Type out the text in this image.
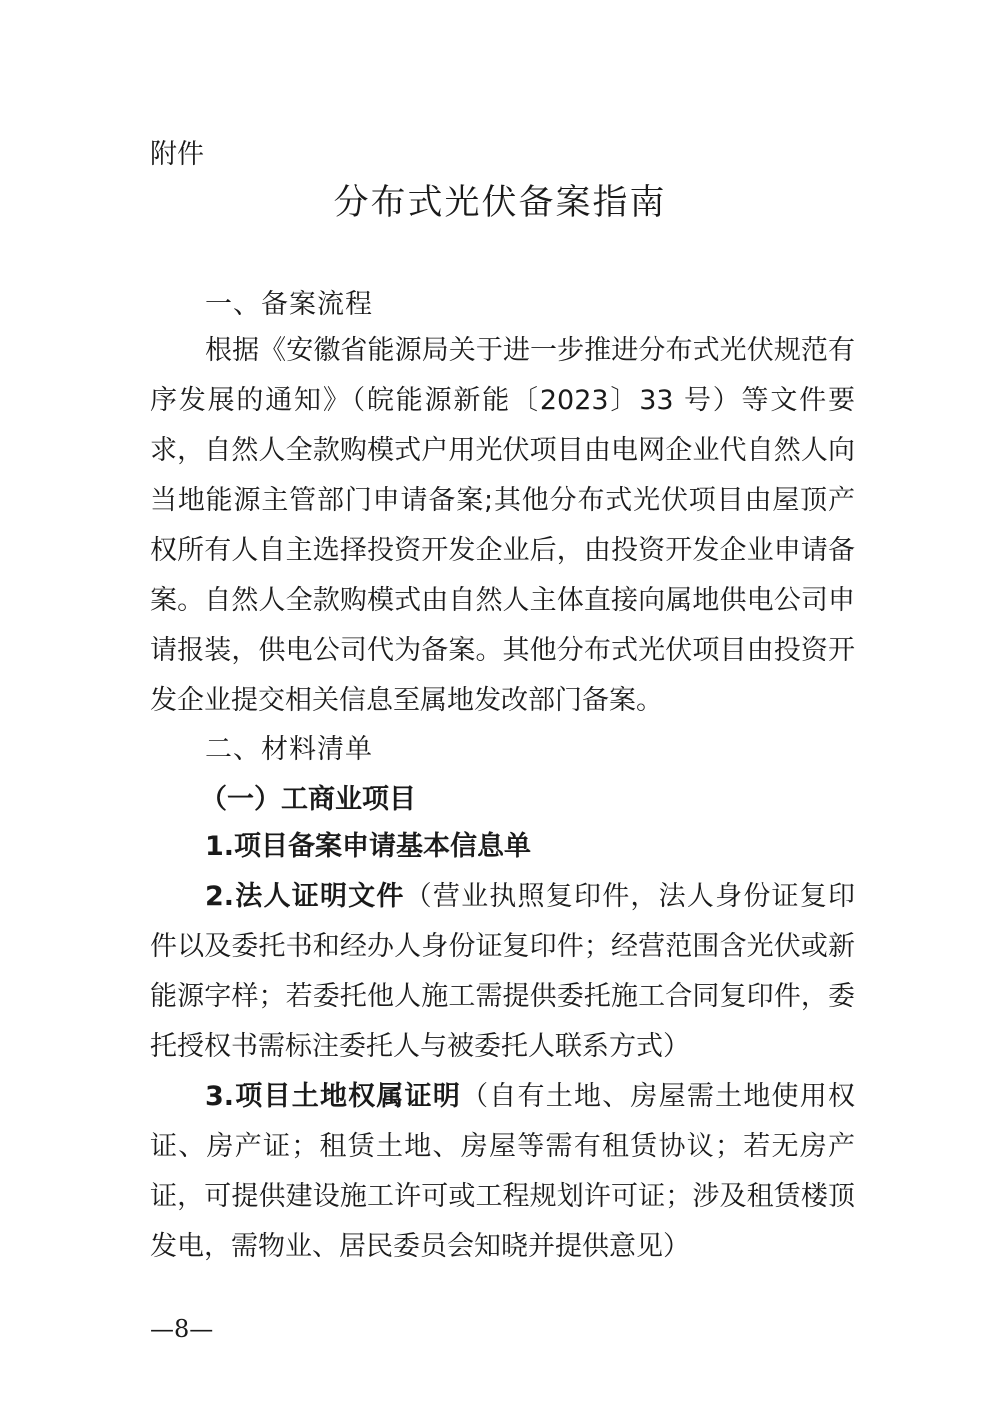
附件
分布式光伏备案指南
一、备案流程
根据《安徽省能源局关于进一步推进分布式光伏规范有序发展的通知》（皖能源新能〔2023〕33 号）等文件要求，自然人全款购模式户用光伏项目由电网企业代自然人向当地能源主管部门申请备案;其他分布式光伏项目由屋顶产权所有人自主选择投资开发企业后，由投资开发企业申请备案。自然人全款购模式由自然人主体直接向属地供电公司申请报装，供电公司代为备案。其他分布式光伏项目由投资开发企业提交相关信息至属地发改部门备案。
二、材料清单
（一）工商业项目
1.项目备案申请基本信息单
2.法人证明文件（营业执照复印件，法人身份证复印件以及委托书和经办人身份证复印件；经营范围含光伏或新能源字样；若委托他人施工需提供委托施工合同复印件，委托授权书需标注委托人与被委托人联系方式）
3.项目土地权属证明（自有土地、房屋需土地使用权证、房产证；租赁土地、房屋等需有租赁协议；若无房产证，可提供建设施工许可或工程规划许可证；涉及租赁楼顶发电，需物业、居民委员会知晓并提供意见）
—8—
